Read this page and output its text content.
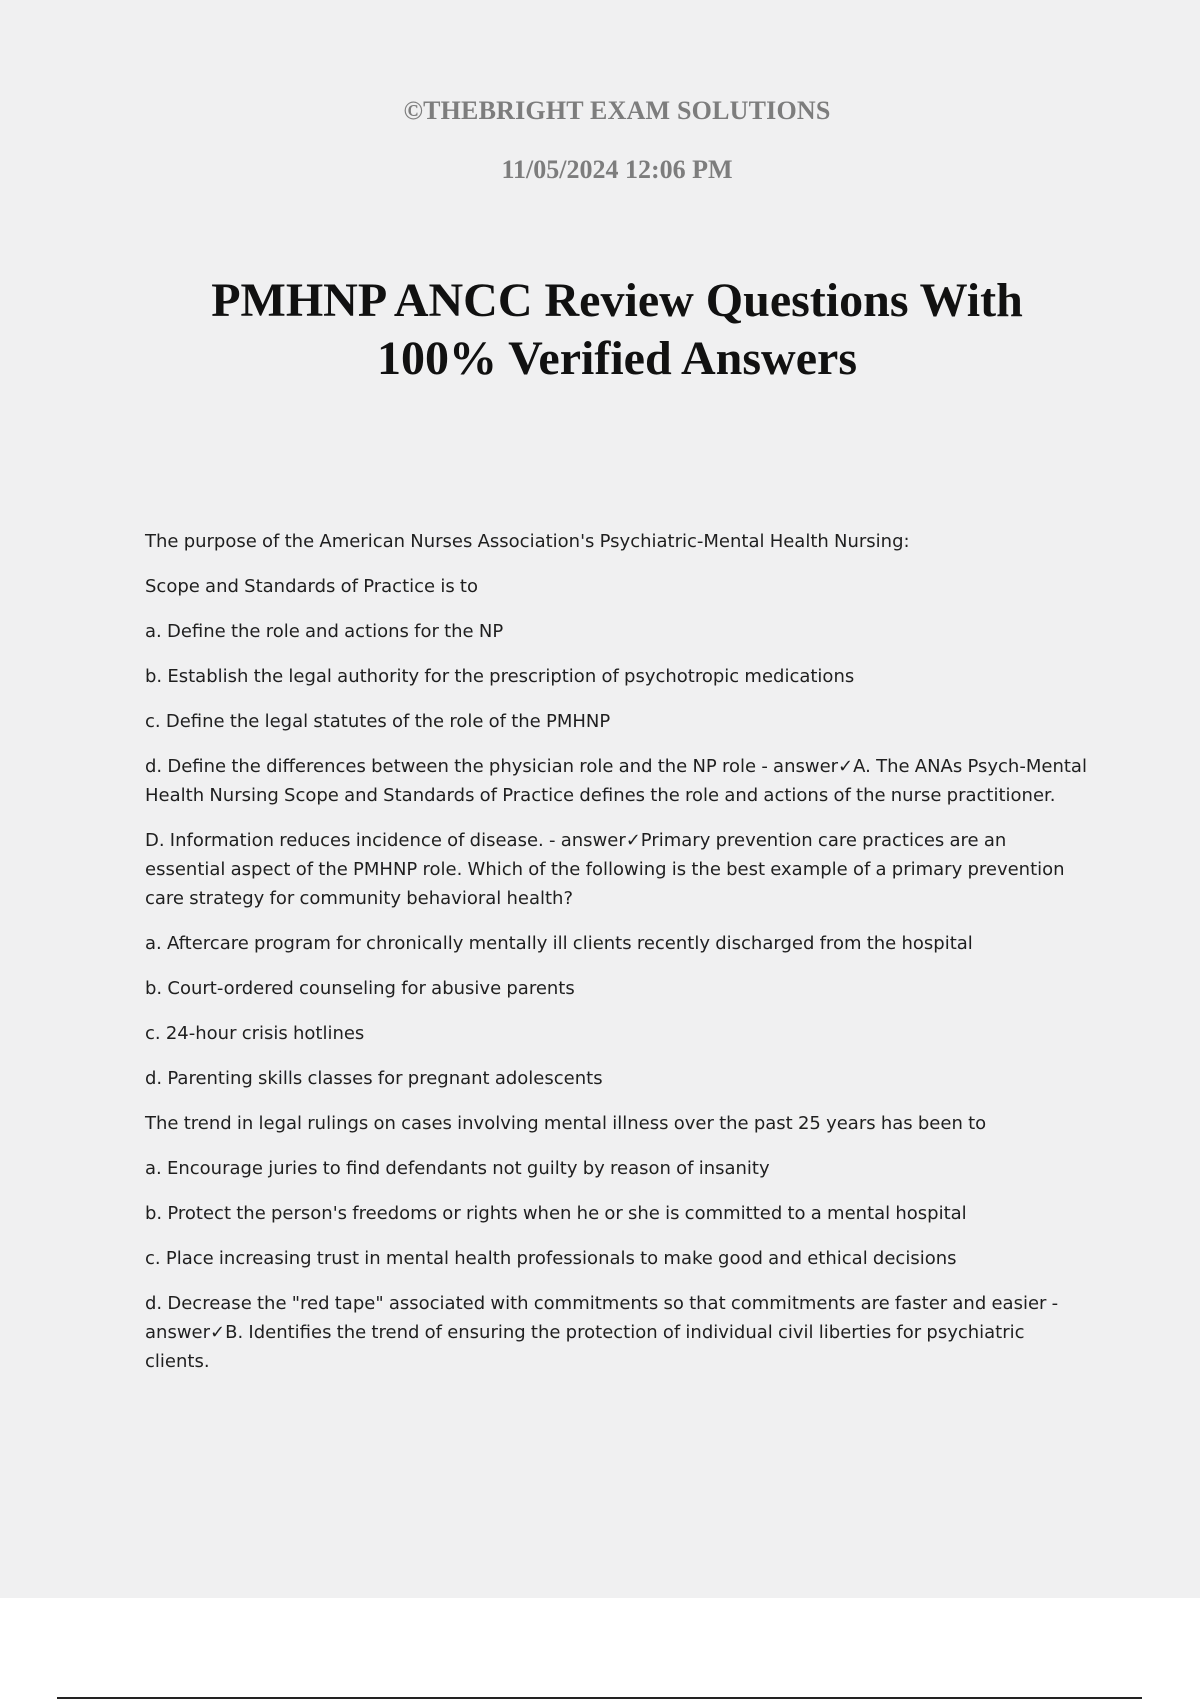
©THEBRIGHT EXAM SOLUTIONS
11/05/2024 12:06 PM
PMHNP ANCC Review Questions With
100% Verified Answers

The purpose of the American Nurses Association's Psychiatric-Mental Health Nursing:

Scope and Standards of Practice is to

a. Define the role and actions for the NP

b. Establish the legal authority for the prescription of psychotropic medications

c. Define the legal statutes of the role of the PMHNP

d. Define the differences between the physician role and the NP role - answer✓A. The ANAs Psych-Mental Health Nursing Scope and Standards of Practice defines the role and actions of the nurse practitioner.

D. Information reduces incidence of disease. - answer✓Primary prevention care practices are an essential aspect of the PMHNP role. Which of the following is the best example of a primary prevention care strategy for community behavioral health?

a. Aftercare program for chronically mentally ill clients recently discharged from the hospital

b. Court-ordered counseling for abusive parents

c. 24-hour crisis hotlines

d. Parenting skills classes for pregnant adolescents

The trend in legal rulings on cases involving mental illness over the past 25 years has been to

a. Encourage juries to find defendants not guilty by reason of insanity

b. Protect the person's freedoms or rights when he or she is committed to a mental hospital

c. Place increasing trust in mental health professionals to make good and ethical decisions

d. Decrease the "red tape" associated with commitments so that commitments are faster and easier - answer✓B. Identifies the trend of ensuring the protection of individual civil liberties for psychiatric clients.
